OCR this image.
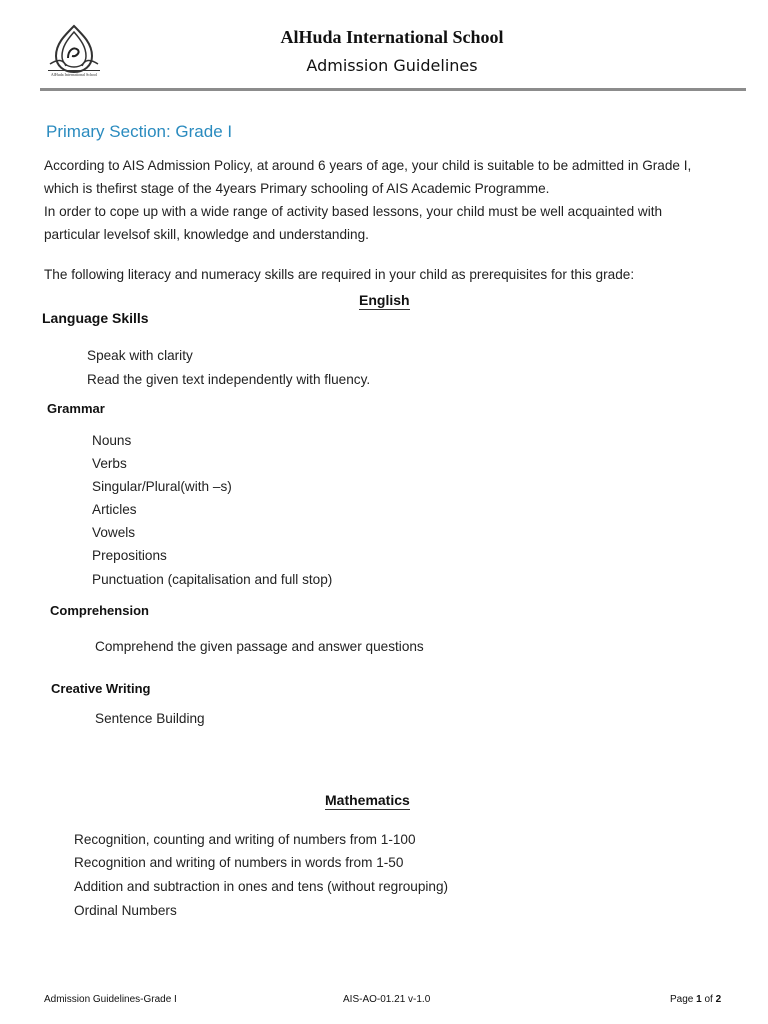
AlHuda International School
AlHuda International School
Admission Guidelines
Primary Section: Grade I
According to AIS Admission Policy, at around 6 years of age, your child is suitable to be admitted in Grade I,
which is thefirst stage of the 4years Primary schooling of AIS Academic Programme.
In order to cope up with a wide range of activity based lessons, your child must be well acquainted with
particular levelsof skill, knowledge and understanding.
The following literacy and numeracy skills are required in your child as prerequisites for this grade:
English
Language Skills
Speak with clarity
Read the given text independently with fluency.
Grammar
Nouns
Verbs
Singular/Plural(with –s)
Articles
Vowels
Prepositions
Punctuation (capitalisation and full stop)
Comprehension
Comprehend the given passage and answer questions
Creative Writing
Sentence Building
Mathematics
Recognition, counting and writing of numbers from 1-100
Recognition and writing of numbers in words from 1-50
Addition and subtraction in ones and tens (without regrouping)
Ordinal Numbers
Admission Guidelines-Grade I	AIS-AO-01.21 v-1.0	Page 1 of 2
